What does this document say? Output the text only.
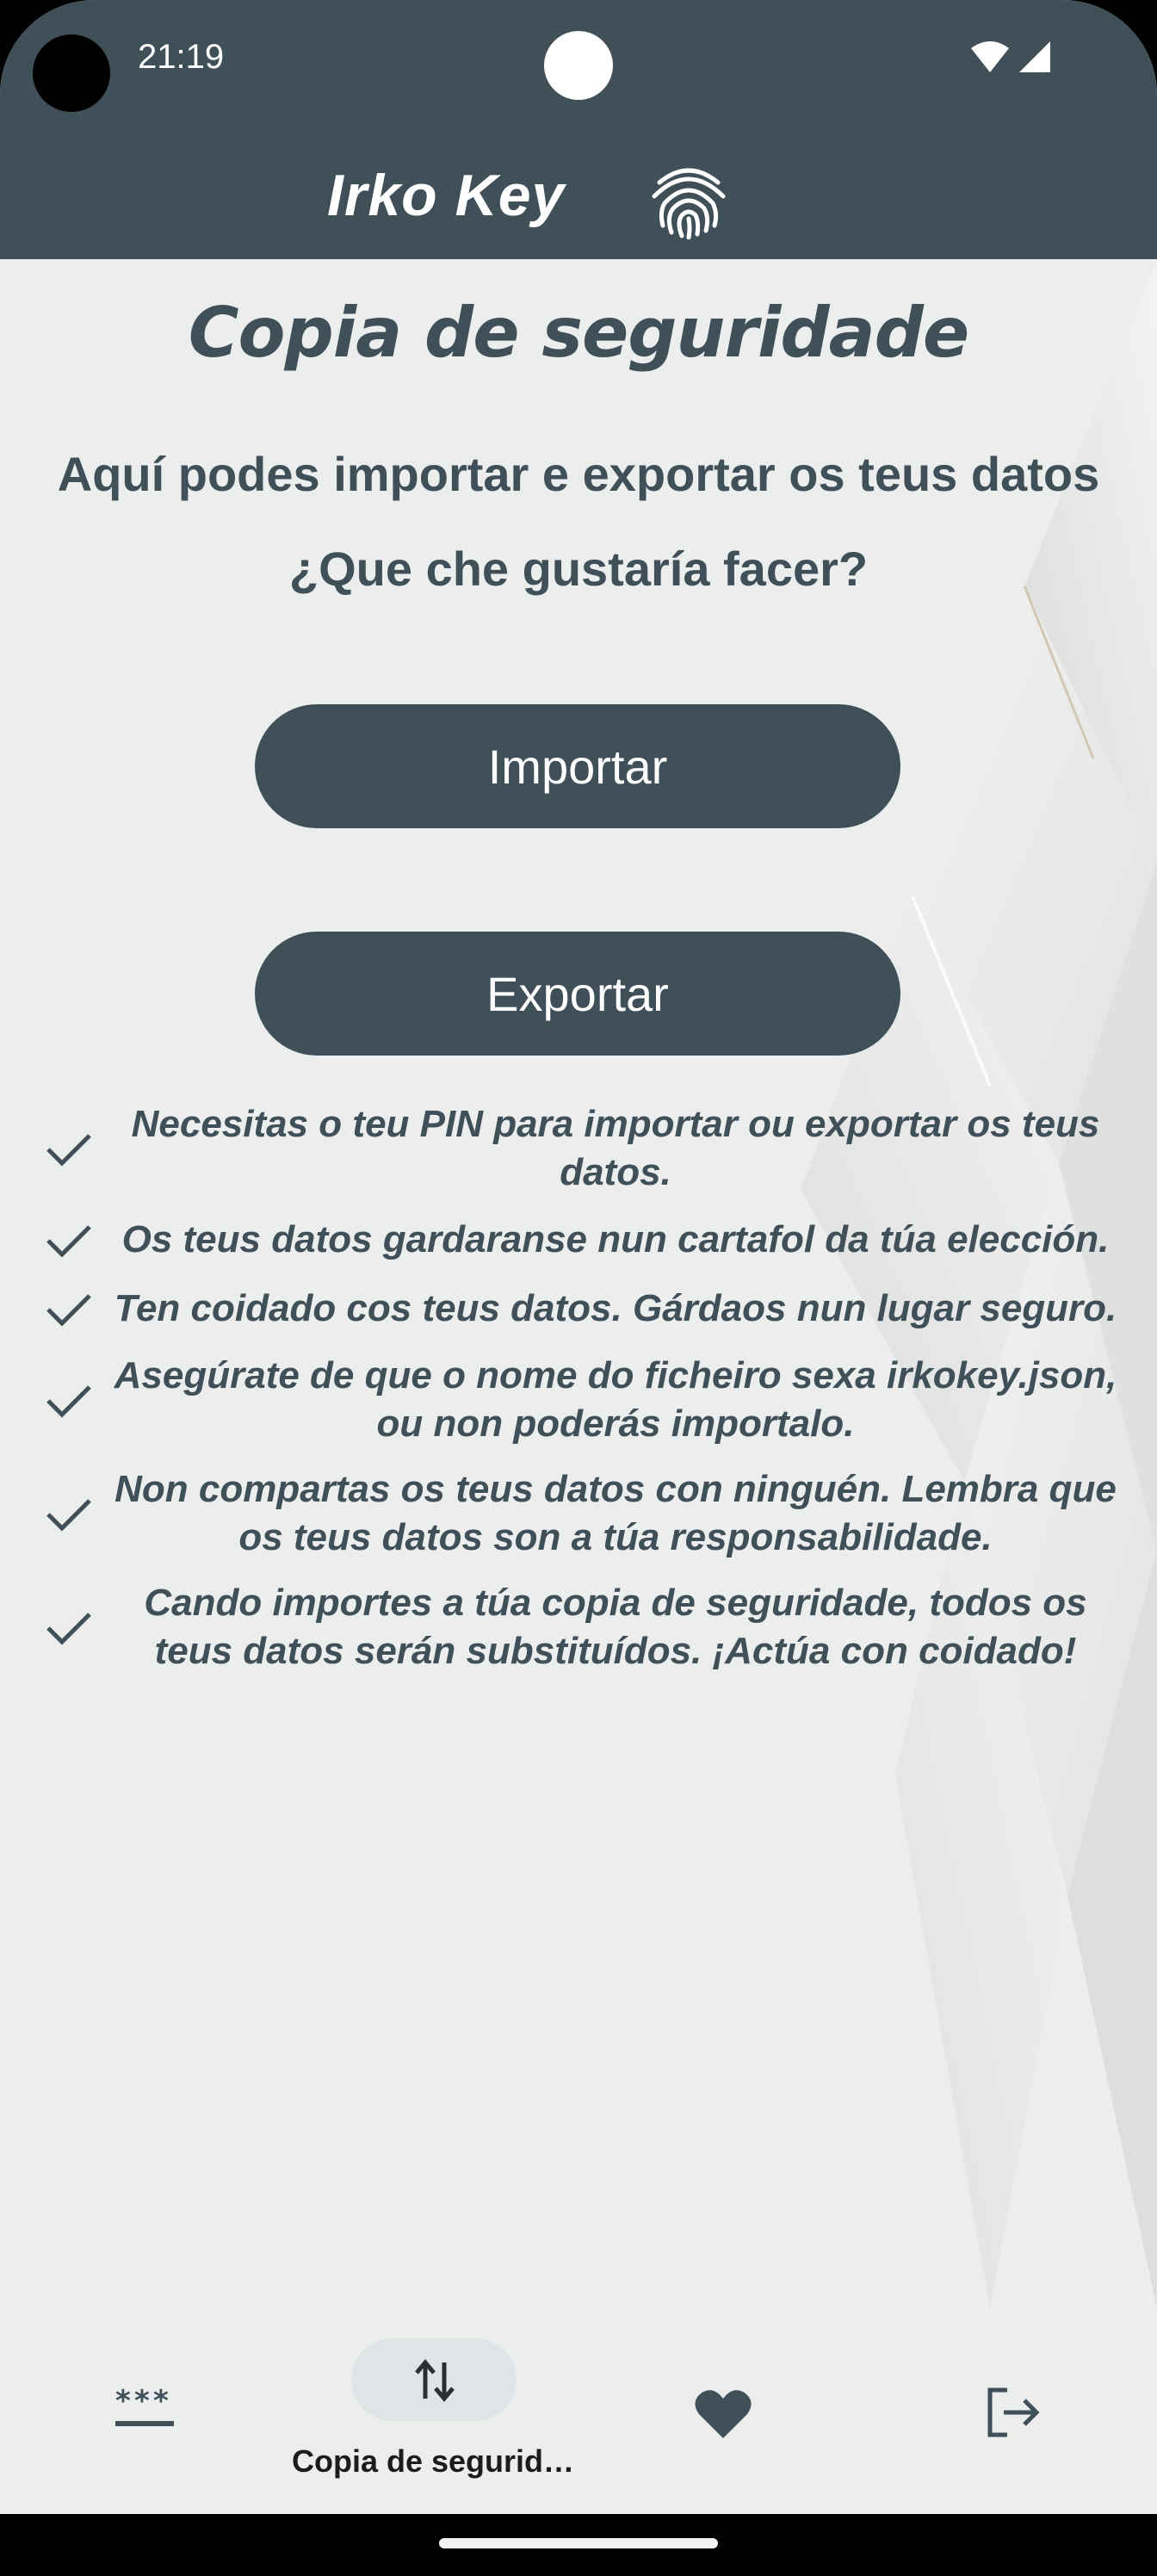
21:19
Irko Key
Copia de seguridade
Aquí podes importar e exportar os teus datos
¿Que che gustaría facer?
Importar
Exportar
Necesitas o teu PIN para importar ou exportar os teus datos.
Os teus datos gardaranse nun cartafol da túa elección.
Ten coidado cos teus datos. Gárdaos nun lugar seguro.
Asegúrate de que o nome do ficheiro sexa irkokey.json, ou non poderás importalo.
Non compartas os teus datos con ninguén. Lembra que os teus datos son a túa responsabilidade.
Cando importes a túa copia de seguridade, todos os teus datos serán substituídos. ¡Actúa con coidado!
* * *
Copia de segurid…
